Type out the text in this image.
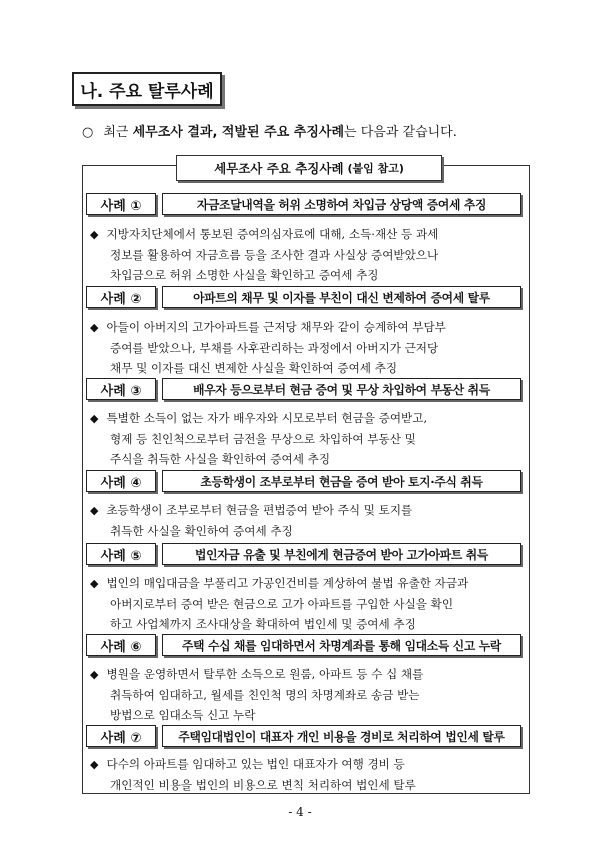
나. 주요 탈루사례
○ 최근 세무조사 결과, 적발된 주요 추징사례는 다음과 같습니다.
세무조사 주요 추징사례 (붙임 참고)
사례 ①	자금조달내역을 허위 소명하여 차입금 상당액 증여세 추징
◆ 지방자치단체에서 통보된 증여의심자료에 대해, 소득·재산 등 과세
정보를 활용하여 자금흐름 등을 조사한 결과 사실상 증여받았으나
차입금으로 허위 소명한 사실을 확인하고 증여세 추징
사례 ②	아파트의 채무 및 이자를 부친이 대신 변제하여 증여세 탈루
◆ 아들이 아버지의 고가아파트를 근저당 채무와 같이 승계하여 부담부
증여를 받았으나, 부채를 사후관리하는 과정에서 아버지가 근저당
채무 및 이자를 대신 변제한 사실을 확인하여 증여세 추징
사례 ③	배우자 등으로부터 현금 증여 및 무상 차입하여 부동산 취득
◆ 특별한 소득이 없는 자가 배우자와 시모로부터 현금을 증여받고,
형제 등 친인척으로부터 금전을 무상으로 차입하여 부동산 및
주식을 취득한 사실을 확인하여 증여세 추징
사례 ④	초등학생이 조부로부터 현금을 증여 받아 토지·주식 취득
◆ 초등학생이 조부로부터 현금을 편법증여 받아 주식 및 토지를
취득한 사실을 확인하여 증여세 추징
사례 ⑤	법인자금 유출 및 부친에게 현금증여 받아 고가아파트 취득
◆ 법인의 매입대금을 부풀리고 가공인건비를 계상하여 불법 유출한 자금과
아버지로부터 증여 받은 현금으로 고가 아파트를 구입한 사실을 확인
하고 사업체까지 조사대상을 확대하여 법인세 및 증여세 추징
사례 ⑥	주택 수십 채를 임대하면서 차명계좌를 통해 임대소득 신고 누락
◆ 병원을 운영하면서 탈루한 소득으로 원룸, 아파트 등 수 십 채를
취득하여 임대하고, 월세를 친인척 명의 차명계좌로 송금 받는
방법으로 임대소득 신고 누락
사례 ⑦	주택임대법인이 대표자 개인 비용을 경비로 처리하여 법인세 탈루
◆ 다수의 아파트를 임대하고 있는 법인 대표자가 여행 경비 등
개인적인 비용을 법인의 비용으로 변칙 처리하여 법인세 탈루
- 4 -
